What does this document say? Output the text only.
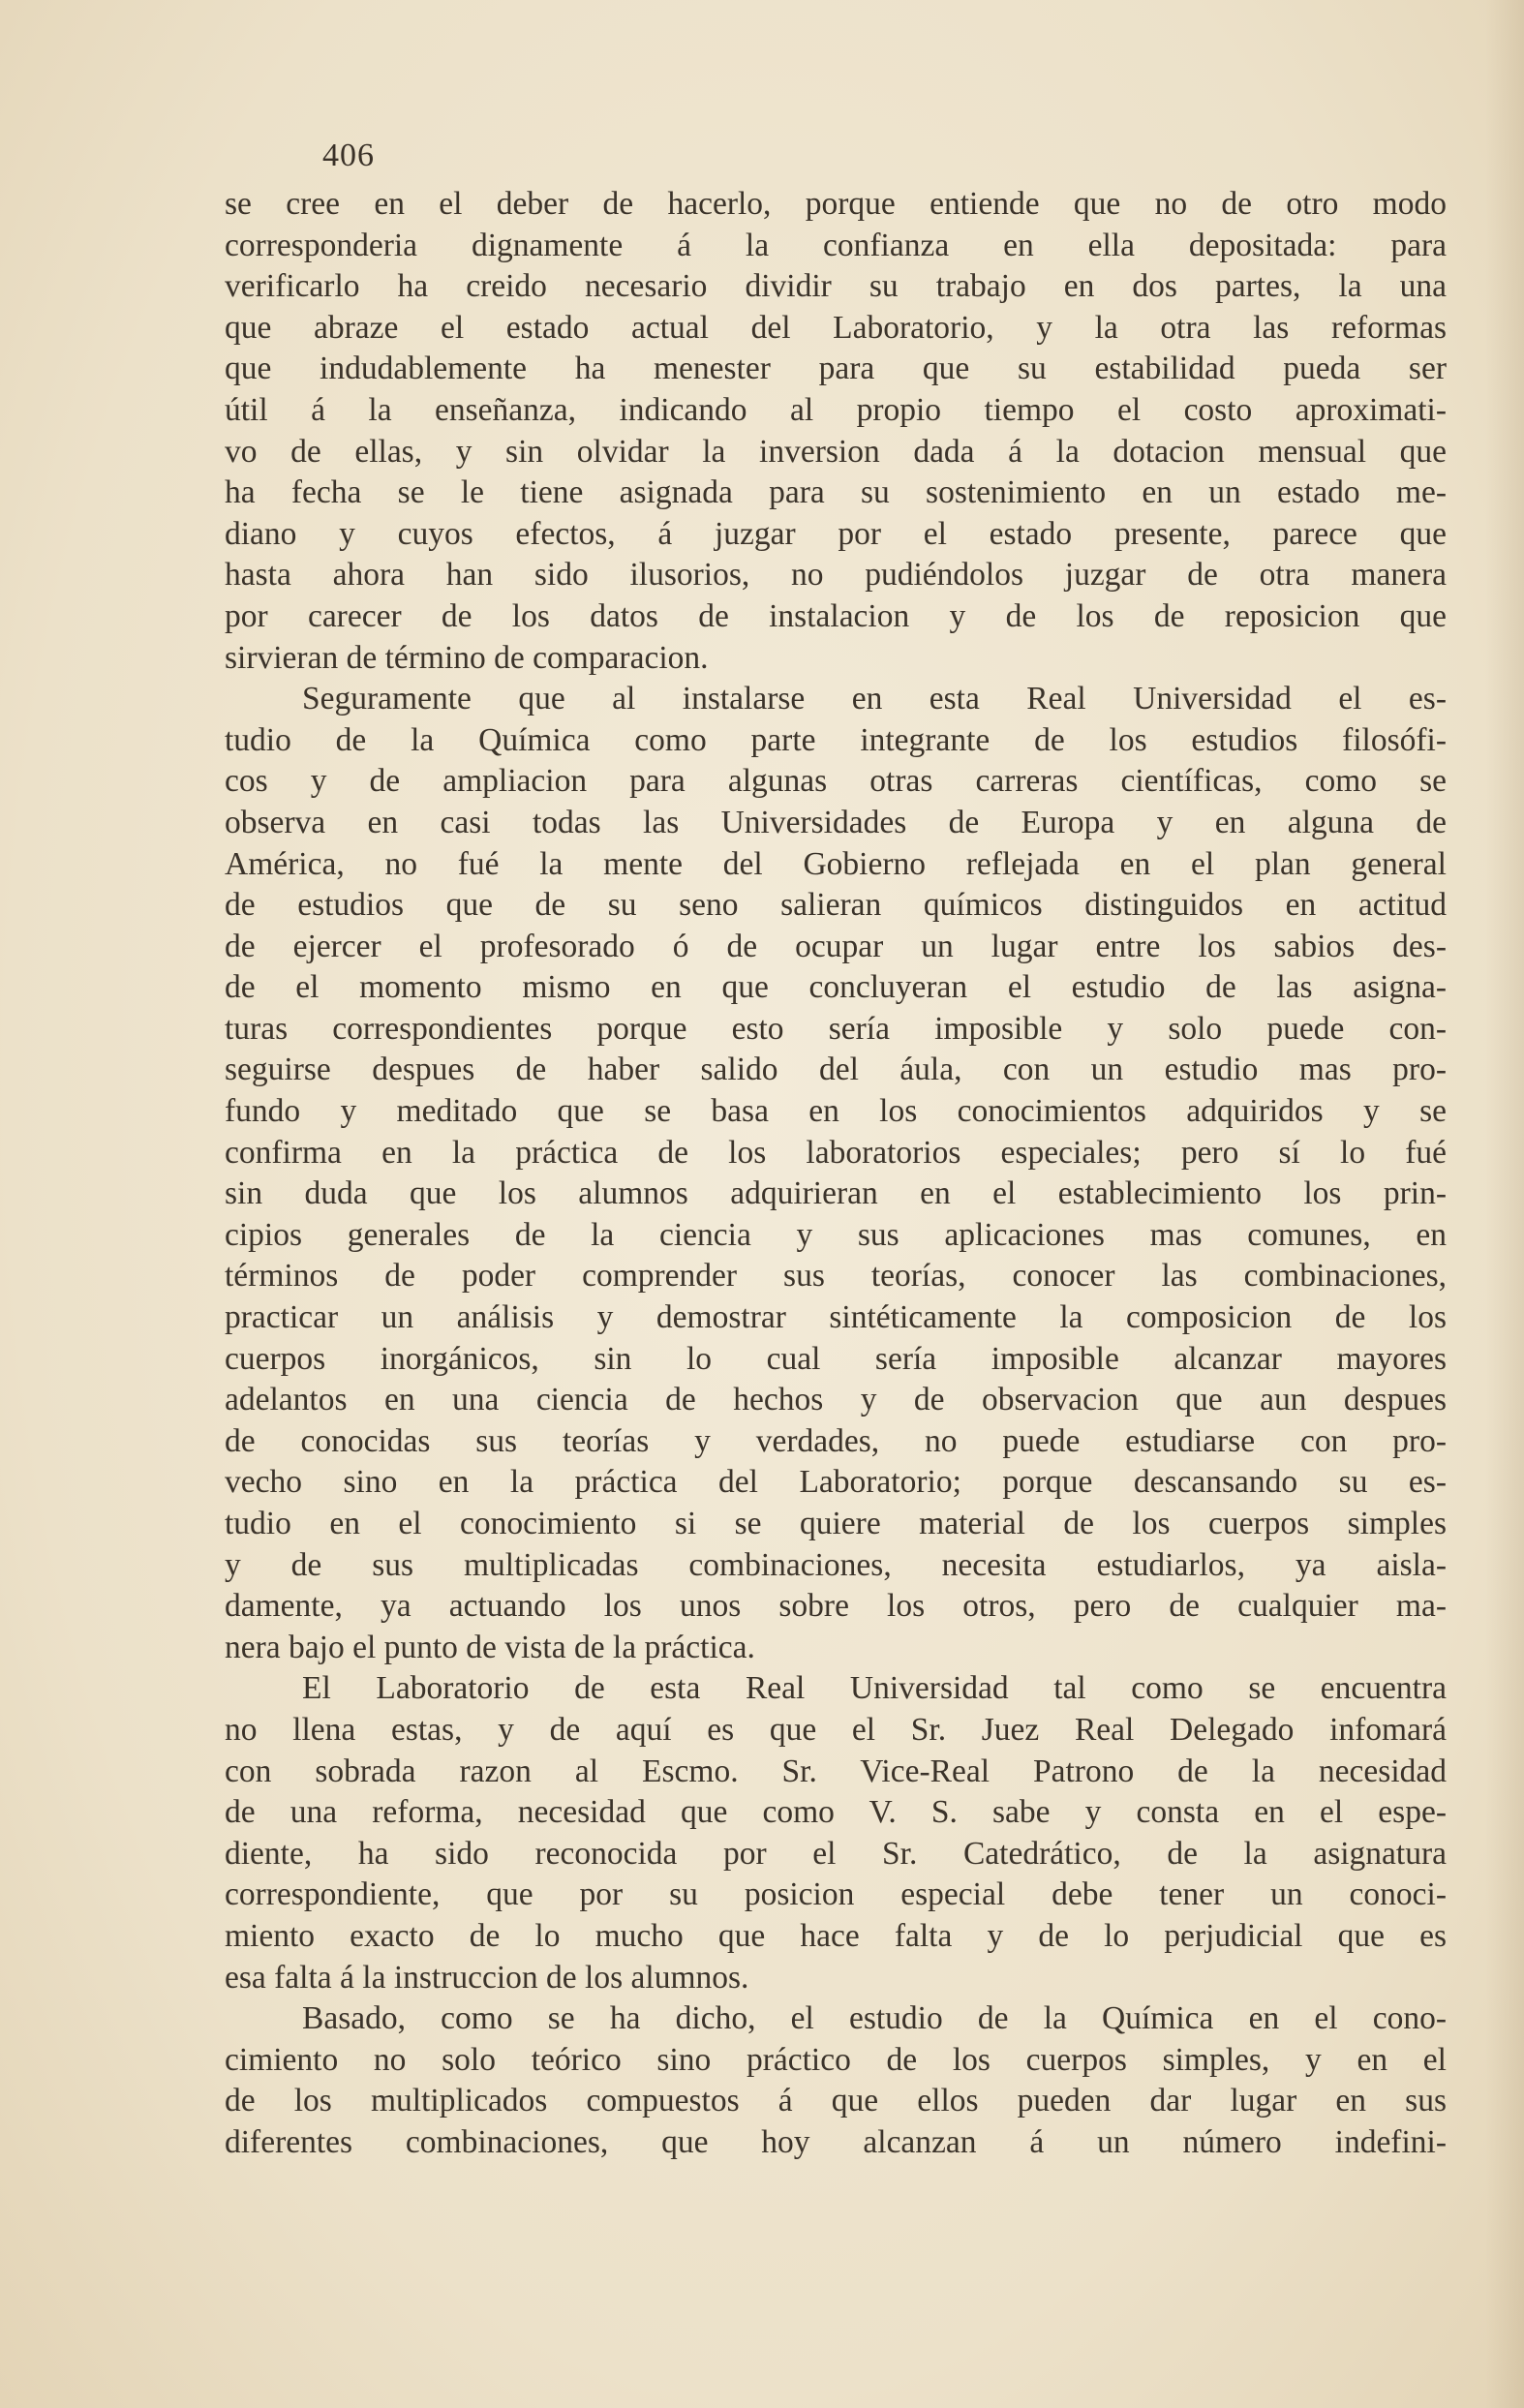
406
se cree en el deber de hacerlo, porque entiende que no de otro modo
corresponderia dignamente á la confianza en ella depositada: para
verificarlo ha creido necesario dividir su trabajo en dos partes, la una
que abraze el estado actual del Laboratorio, y la otra las reformas
que indudablemente ha menester para que su estabilidad pueda ser
útil á la enseñanza, indicando al propio tiempo el costo aproximati-
vo de ellas, y sin olvidar la inversion dada á la dotacion mensual que
ha fecha se le tiene asignada para su sostenimiento en un estado me-
diano y cuyos efectos, á juzgar por el estado presente, parece que
hasta ahora han sido ilusorios, no pudiéndolos juzgar de otra manera
por carecer de los datos de instalacion y de los de reposicion que
sirvieran de término de comparacion.
Seguramente que al instalarse en esta Real Universidad el es-
tudio de la Química como parte integrante de los estudios filosófi-
cos y de ampliacion para algunas otras carreras científicas, como se
observa en casi todas las Universidades de Europa y en alguna de
América, no fué la mente del Gobierno reflejada en el plan general
de estudios que de su seno salieran químicos distinguidos en actitud
de ejercer el profesorado ó de ocupar un lugar entre los sabios des-
de el momento mismo en que concluyeran el estudio de las asigna-
turas correspondientes porque esto sería imposible y solo puede con-
seguirse despues de haber salido del áula, con un estudio mas pro-
fundo y meditado que se basa en los conocimientos adquiridos y se
confirma en la práctica de los laboratorios especiales; pero sí lo fué
sin duda que los alumnos adquirieran en el establecimiento los prin-
cipios generales de la ciencia y sus aplicaciones mas comunes, en
términos de poder comprender sus teorías, conocer las combinaciones,
practicar un análisis y demostrar sintéticamente la composicion de los
cuerpos inorgánicos, sin lo cual sería imposible alcanzar mayores
adelantos en una ciencia de hechos y de observacion que aun despues
de conocidas sus teorías y verdades, no puede estudiarse con pro-
vecho sino en la práctica del Laboratorio; porque descansando su es-
tudio en el conocimiento si se quiere material de los cuerpos simples
y de sus multiplicadas combinaciones, necesita estudiarlos, ya aisla-
damente, ya actuando los unos sobre los otros, pero de cualquier ma-
nera bajo el punto de vista de la práctica.
El Laboratorio de esta Real Universidad tal como se encuentra
no llena estas, y de aquí es que el Sr. Juez Real Delegado infomará
con sobrada razon al Escmo. Sr. Vice-Real Patrono de la necesidad
de una reforma, necesidad que como V. S. sabe y consta en el espe-
diente, ha sido reconocida por el Sr. Catedrático, de la asignatura
correspondiente, que por su posicion especial debe tener un conoci-
miento exacto de lo mucho que hace falta y de lo perjudicial que es
esa falta á la instruccion de los alumnos.
Basado, como se ha dicho, el estudio de la Química en el cono-
cimiento no solo teórico sino práctico de los cuerpos simples, y en el
de los multiplicados compuestos á que ellos pueden dar lugar en sus
diferentes combinaciones, que hoy alcanzan á un número indefini-
